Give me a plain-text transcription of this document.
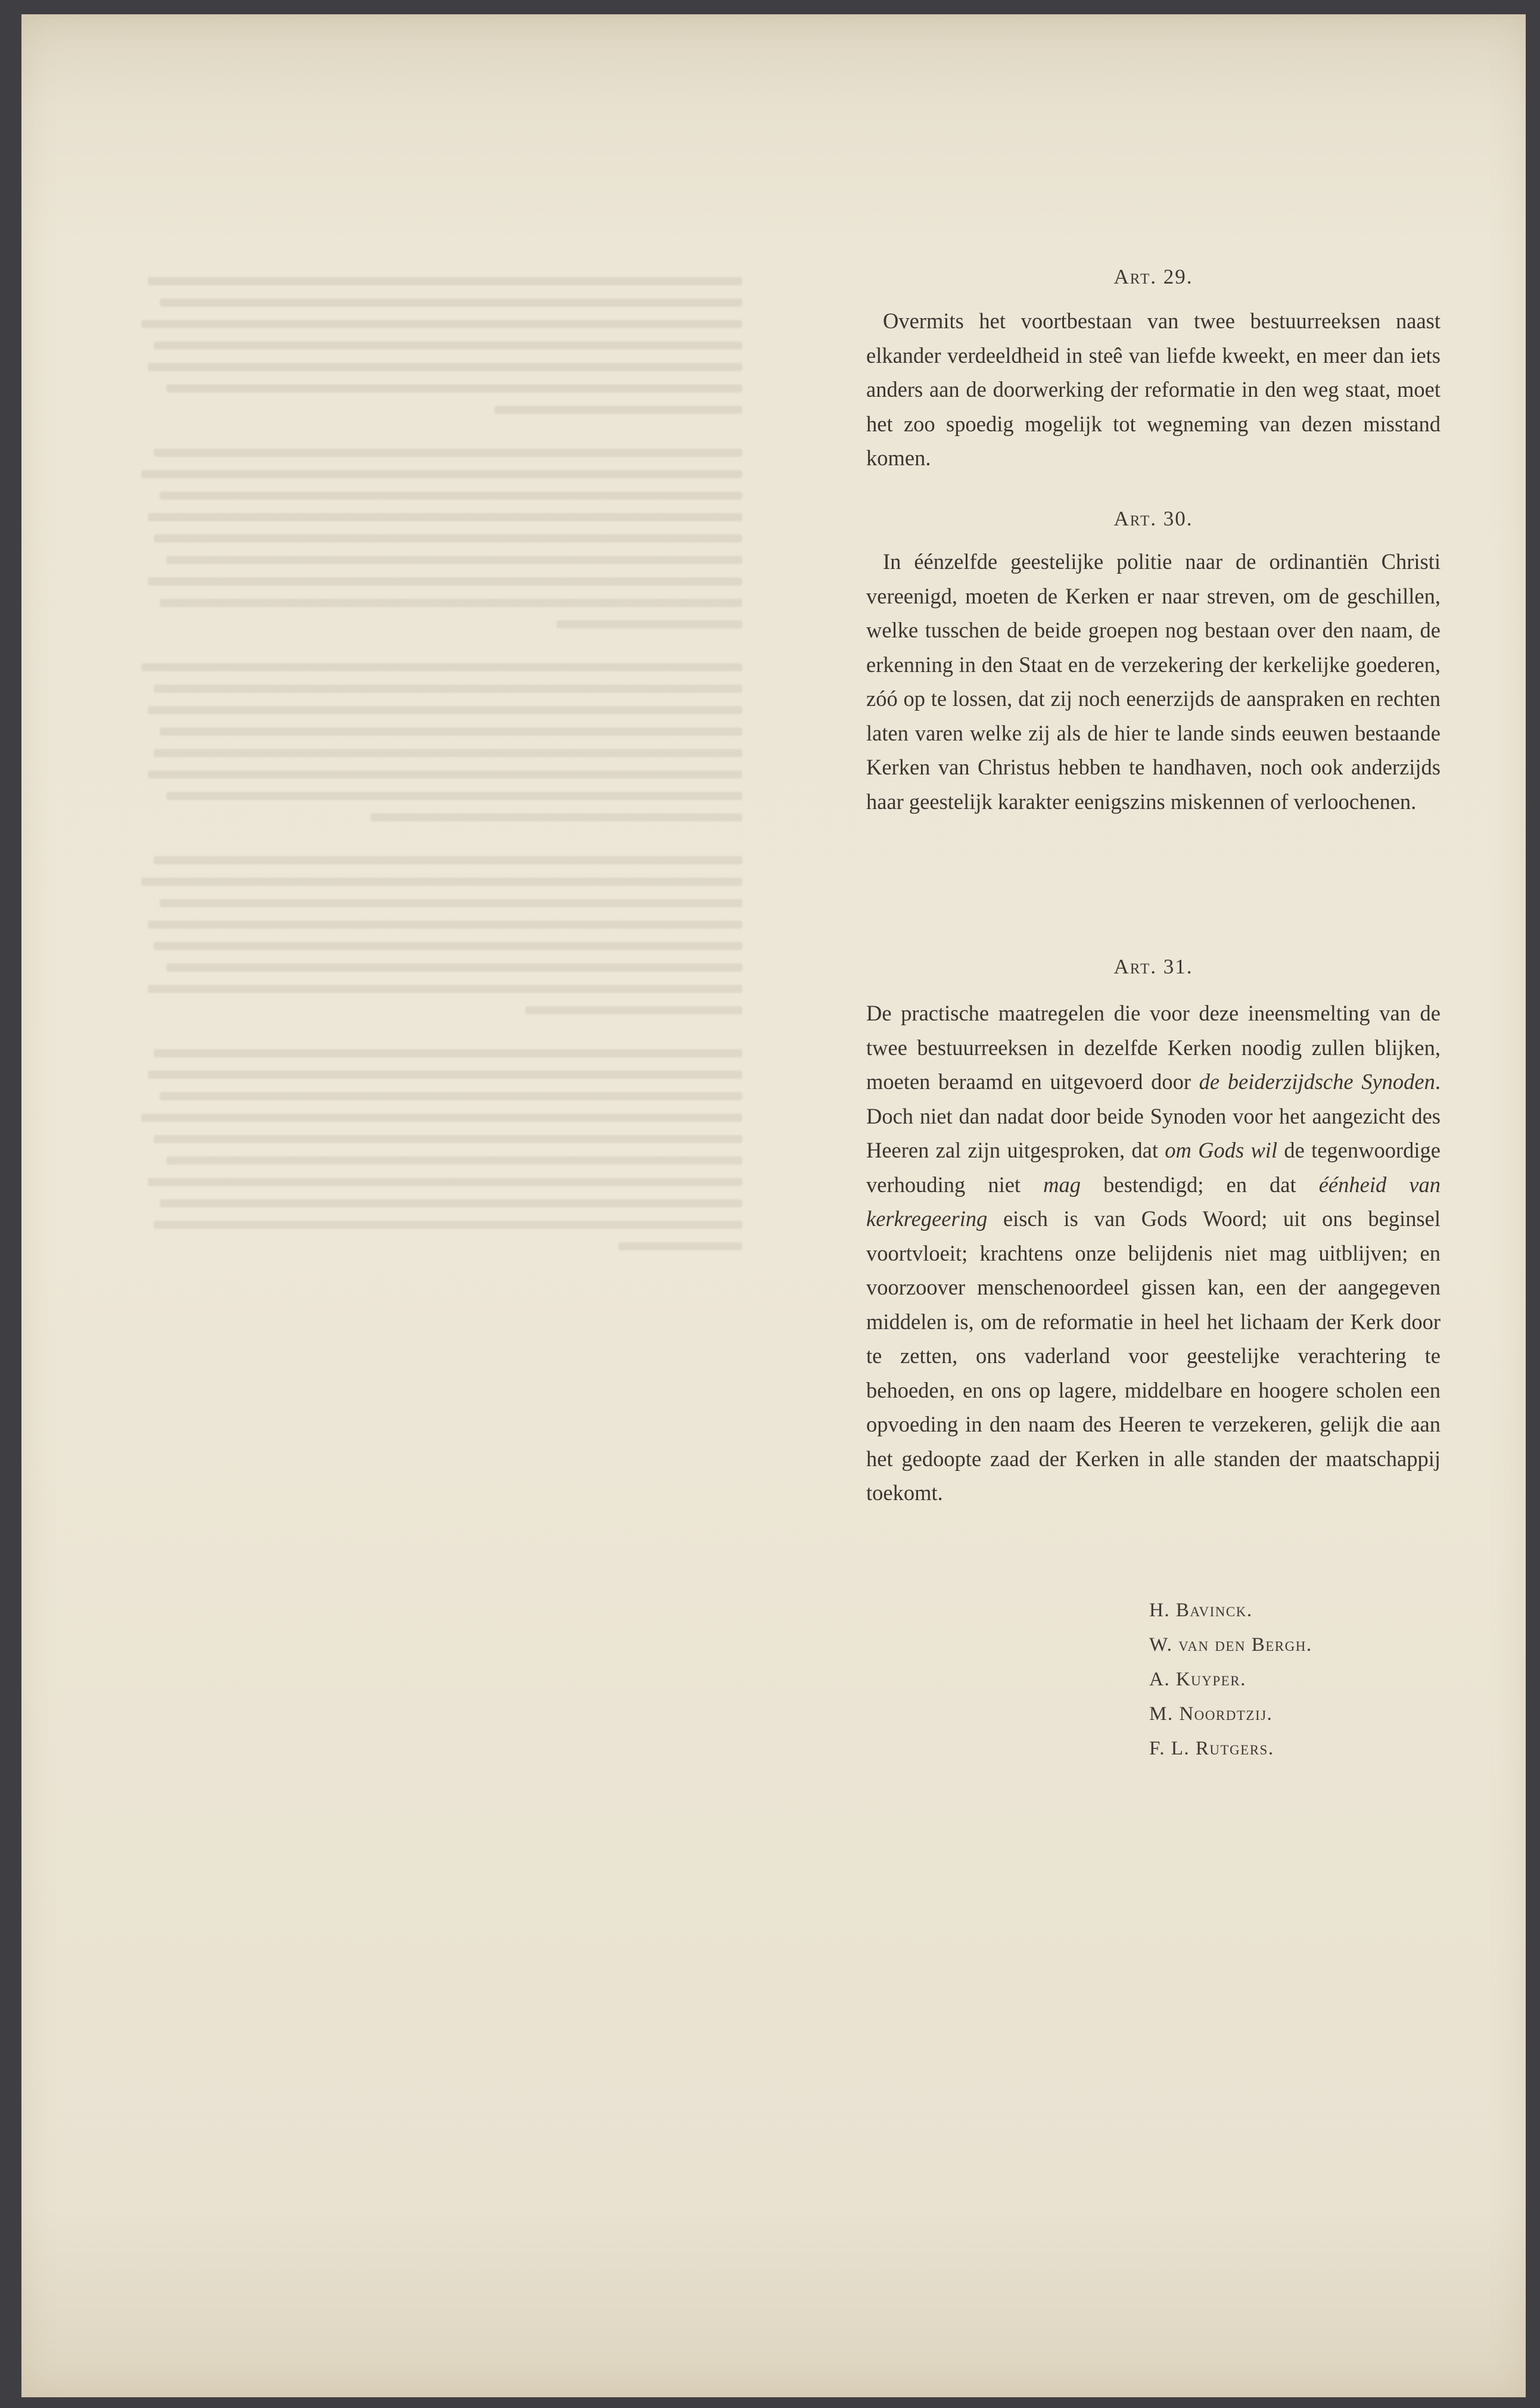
Art. 29.
Overmits het voortbestaan van twee bestuurreeksen naast elkander verdeeldheid in steê van liefde kweekt, en meer dan iets anders aan de doorwerking der reformatie in den weg staat, moet het zoo spoedig mogelijk tot wegneming van dezen misstand komen.
Art. 30.
In éénzelfde geestelijke politie naar de ordinantiën Christi vereenigd, moeten de Kerken er naar streven, om de geschillen, welke tusschen de beide groepen nog bestaan over den naam, de erkenning in den Staat en de verzekering der kerkelijke goederen, zóó op te lossen, dat zij noch eenerzijds de aanspraken en rechten laten varen welke zij als de hier te lande sinds eeuwen bestaande Kerken van Christus hebben te handhaven, noch ook anderzijds haar geestelijk karakter eenigszins miskennen of verloochenen.
Art. 31.
De practische maatregelen die voor deze ineensmelting van de twee bestuurreeksen in dezelfde Kerken noodig zullen blijken, moeten beraamd en uitgevoerd door de beiderzijdsche Synoden. Doch niet dan nadat door beide Synoden voor het aangezicht des Heeren zal zijn uitgesproken, dat om Gods wil de tegenwoordige verhouding niet mag bestendigd; en dat éénheid van kerkregeering eisch is van Gods Woord; uit ons beginsel voortvloeit; krachtens onze belijdenis niet mag uitblijven; en voorzoover menschenoordeel gissen kan, een der aangegeven middelen is, om de reformatie in heel het lichaam der Kerk door te zetten, ons vaderland voor geestelijke verachtering te behoeden, en ons op lagere, middelbare en hoogere scholen een opvoeding in den naam des Heeren te verzekeren, gelijk die aan het gedoopte zaad der Kerken in alle standen der maatschappij toekomt.
H. Bavinck.
W. van den Bergh.
A. Kuyper.
M. Noordtzij.
F. L. Rutgers.
